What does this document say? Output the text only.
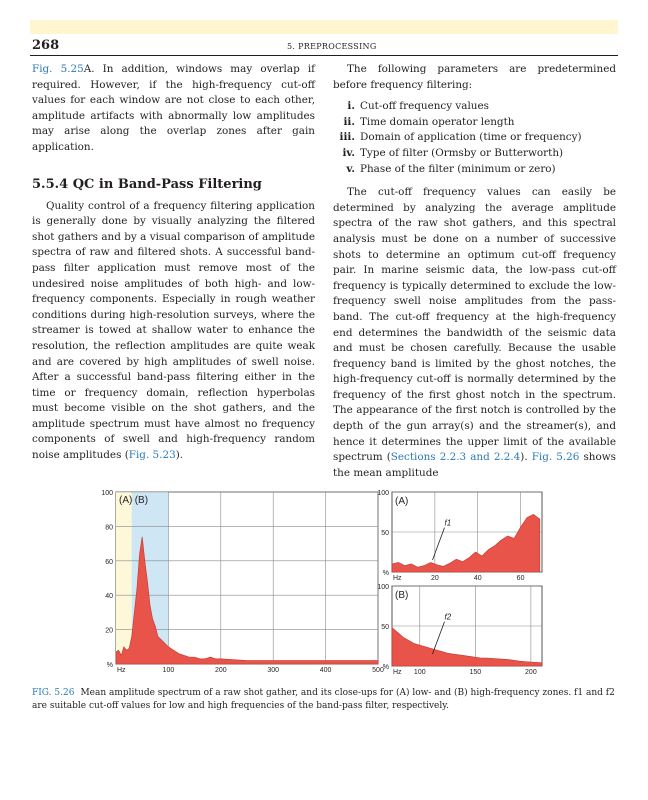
268	5. PREPROCESSING

Fig. 5.25A. In addition, windows may overlap if required. However, if the high-frequency cut-off values for each window are not close to each other, amplitude artifacts with abnormally low amplitudes may arise along the overlap zones after gain application.

5.5.4 QC in Band-Pass Filtering

Quality control of a frequency filtering application is generally done by visually analyzing the filtered shot gathers and by a visual comparison of amplitude spectra of raw and filtered shots. A successful band-pass filter application must remove most of the undesired noise amplitudes of both high- and low-frequency components. Especially in rough weather conditions during high-resolution surveys, where the streamer is towed at shallow water to enhance the resolution, the reflection amplitudes are quite weak and are covered by high amplitudes of swell noise. After a successful band-pass filtering either in the time or frequency domain, reflection hyperbolas must become visible on the shot gathers, and the amplitude spectrum must have almost no frequency components of swell and high-frequency random noise amplitudes (Fig. 5.23).

The following parameters are predetermined before frequency filtering:

i. Cut-off frequency values
ii. Time domain operator length
iii. Domain of application (time or frequency)
iv. Type of filter (Ormsby or Butterworth)
v. Phase of the filter (minimum or zero)

The cut-off frequency values can easily be determined by analyzing the average amplitude spectra of the raw shot gathers, and this spectral analysis must be done on a number of successive shots to determine an optimum cut-off frequency pair. In marine seismic data, the low-pass cut-off frequency is typically determined to exclude the low-frequency swell noise amplitudes from the pass-band. The cut-off frequency at the high-frequency end determines the bandwidth of the seismic data and must be chosen carefully. Because the usable frequency band is limited by the ghost notches, the high-frequency cut-off is normally determined by the frequency of the first ghost notch in the spectrum. The appearance of the first notch is controlled by the depth of the gun array(s) and the streamer(s), and hence it determines the upper limit of the available spectrum (Sections 2.2.3 and 2.2.4). Fig. 5.26 shows the mean amplitude

%
20
40
60
80
100
100	200	300	400	500
Hz
(A) (B)
%
50
100
20	40	60
Hz
(A)
f1
%
50
100
100	150	200
Hz
(B)
f2
FIG. 5.26 Mean amplitude spectrum of a raw shot gather, and its close-ups for (A) low- and (B) high-frequency zones. f1 and f2 are suitable cut-off values for low and high frequencies of the band-pass filter, respectively.
